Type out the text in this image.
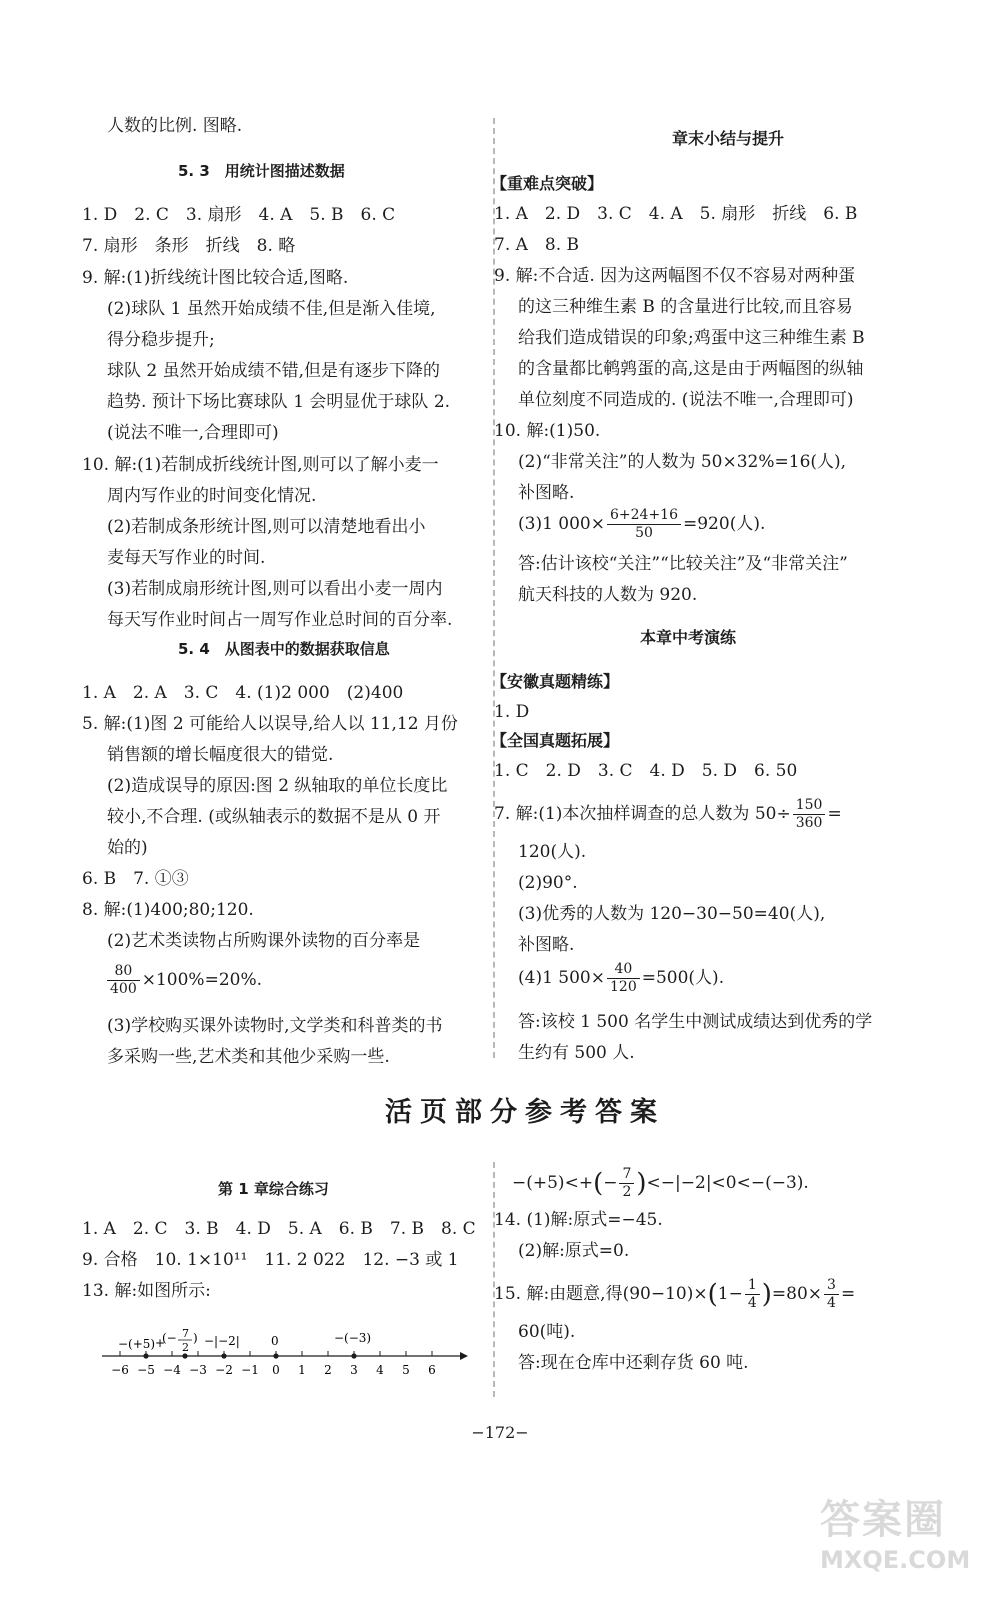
人数的比例. 图略.
5. 3　用统计图描述数据
1. D　2. C　3. 扇形　4. A　5. B　6. C
7. 扇形　条形　折线　8. 略
9. 解:(1)折线统计图比较合适,图略.
(2)球队 1 虽然开始成绩不佳,但是渐入佳境,
得分稳步提升;
球队 2 虽然开始成绩不错,但是有逐步下降的
趋势. 预计下场比赛球队 1 会明显优于球队 2.
(说法不唯一,合理即可)
10. 解:(1)若制成折线统计图,则可以了解小麦一
周内写作业的时间变化情况.
(2)若制成条形统计图,则可以清楚地看出小
麦每天写作业的时间.
(3)若制成扇形统计图,则可以看出小麦一周内
每天写作业时间占一周写作业总时间的百分率.
5. 4　从图表中的数据获取信息
1. A　2. A　3. C　4. (1)2 000　(2)400
5. 解:(1)图 2 可能给人以误导,给人以 11,12 月份
销售额的增长幅度很大的错觉.
(2)造成误导的原因:图 2 纵轴取的单位长度比
较小,不合理. (或纵轴表示的数据不是从 0 开
始的)
6. B　7. ①③
8. 解:(1)400;80;120.
(2)艺术类读物占所购课外读物的百分率是
$\frac{80}{400} \times 100\%=20\%$.
(3)学校购买课外读物时,文学类和科普类的书
多采购一些,艺术类和其他少采购一些.
章末小结与提升
【重难点突破】
1. A　2. D　3. C　4. A　5. 扇形　折线　6. B
7. A　8. B
9. 解:不合适. 因为这两幅图不仅不容易对两种蛋
的这三种维生素 B 的含量进行比较,而且容易
给我们造成错误的印象;鸡蛋中这三种维生素 B
的含量都比鹌鹑蛋的高,这是由于两幅图的纵轴
单位刻度不同造成的. (说法不唯一,合理即可)
10. 解:(1)50.
(2)“非常关注”的人数为 50×32%=16(人),
补图略.
(3)1 $000\times \frac{6+24+16}{50} =920$(人).
答:估计该校“关注”“比较关注”及“非常关注”
航天科技的人数为 920.
本章中考演练
【安徽真题精练】
1. D
【全国真题拓展】
1. C　2. D　3. C　4. D　5. D　6. 50
7. 解:(1)本次抽样调查的总人数为 $50\div \frac{150}{360}$ =
120(人).
(2)90°.
(3)优秀的人数为 120−30−50=40(人),
补图略.
(4)1 $500\times \frac{40}{120} =500$(人).
答:该校 1 500 名学生中测试成绩达到优秀的学
生约有 500 人.
活页部分参考答案
第 1 章综合练习
1. A　2. C　3. B　4. D　5. A　6. B　7. B　8. C
9. 合格　10. 1×10¹¹　11. 2 022　12. −3 或 1
13. 解:如图所示:
−6 −5 −4 −3 −2 −1 0 1 2 3 4 5 6
−(+5) +
(− 7
2
) −|−2|	0	−(−3)
$-(+5)<+(- \frac{7}{2} )<-|-2|<0<-(-3)$.
14. (1)解:原式=−45.
(2)解:原式=0.
15. 解:由题意,得$(90-10)\times(1- \frac{1}{4} )=80\times \frac{3}{4}$ =
60(吨).
答:现在仓库中还剩存货 60 吨.
−172−
答案圈
MXQE.COM
